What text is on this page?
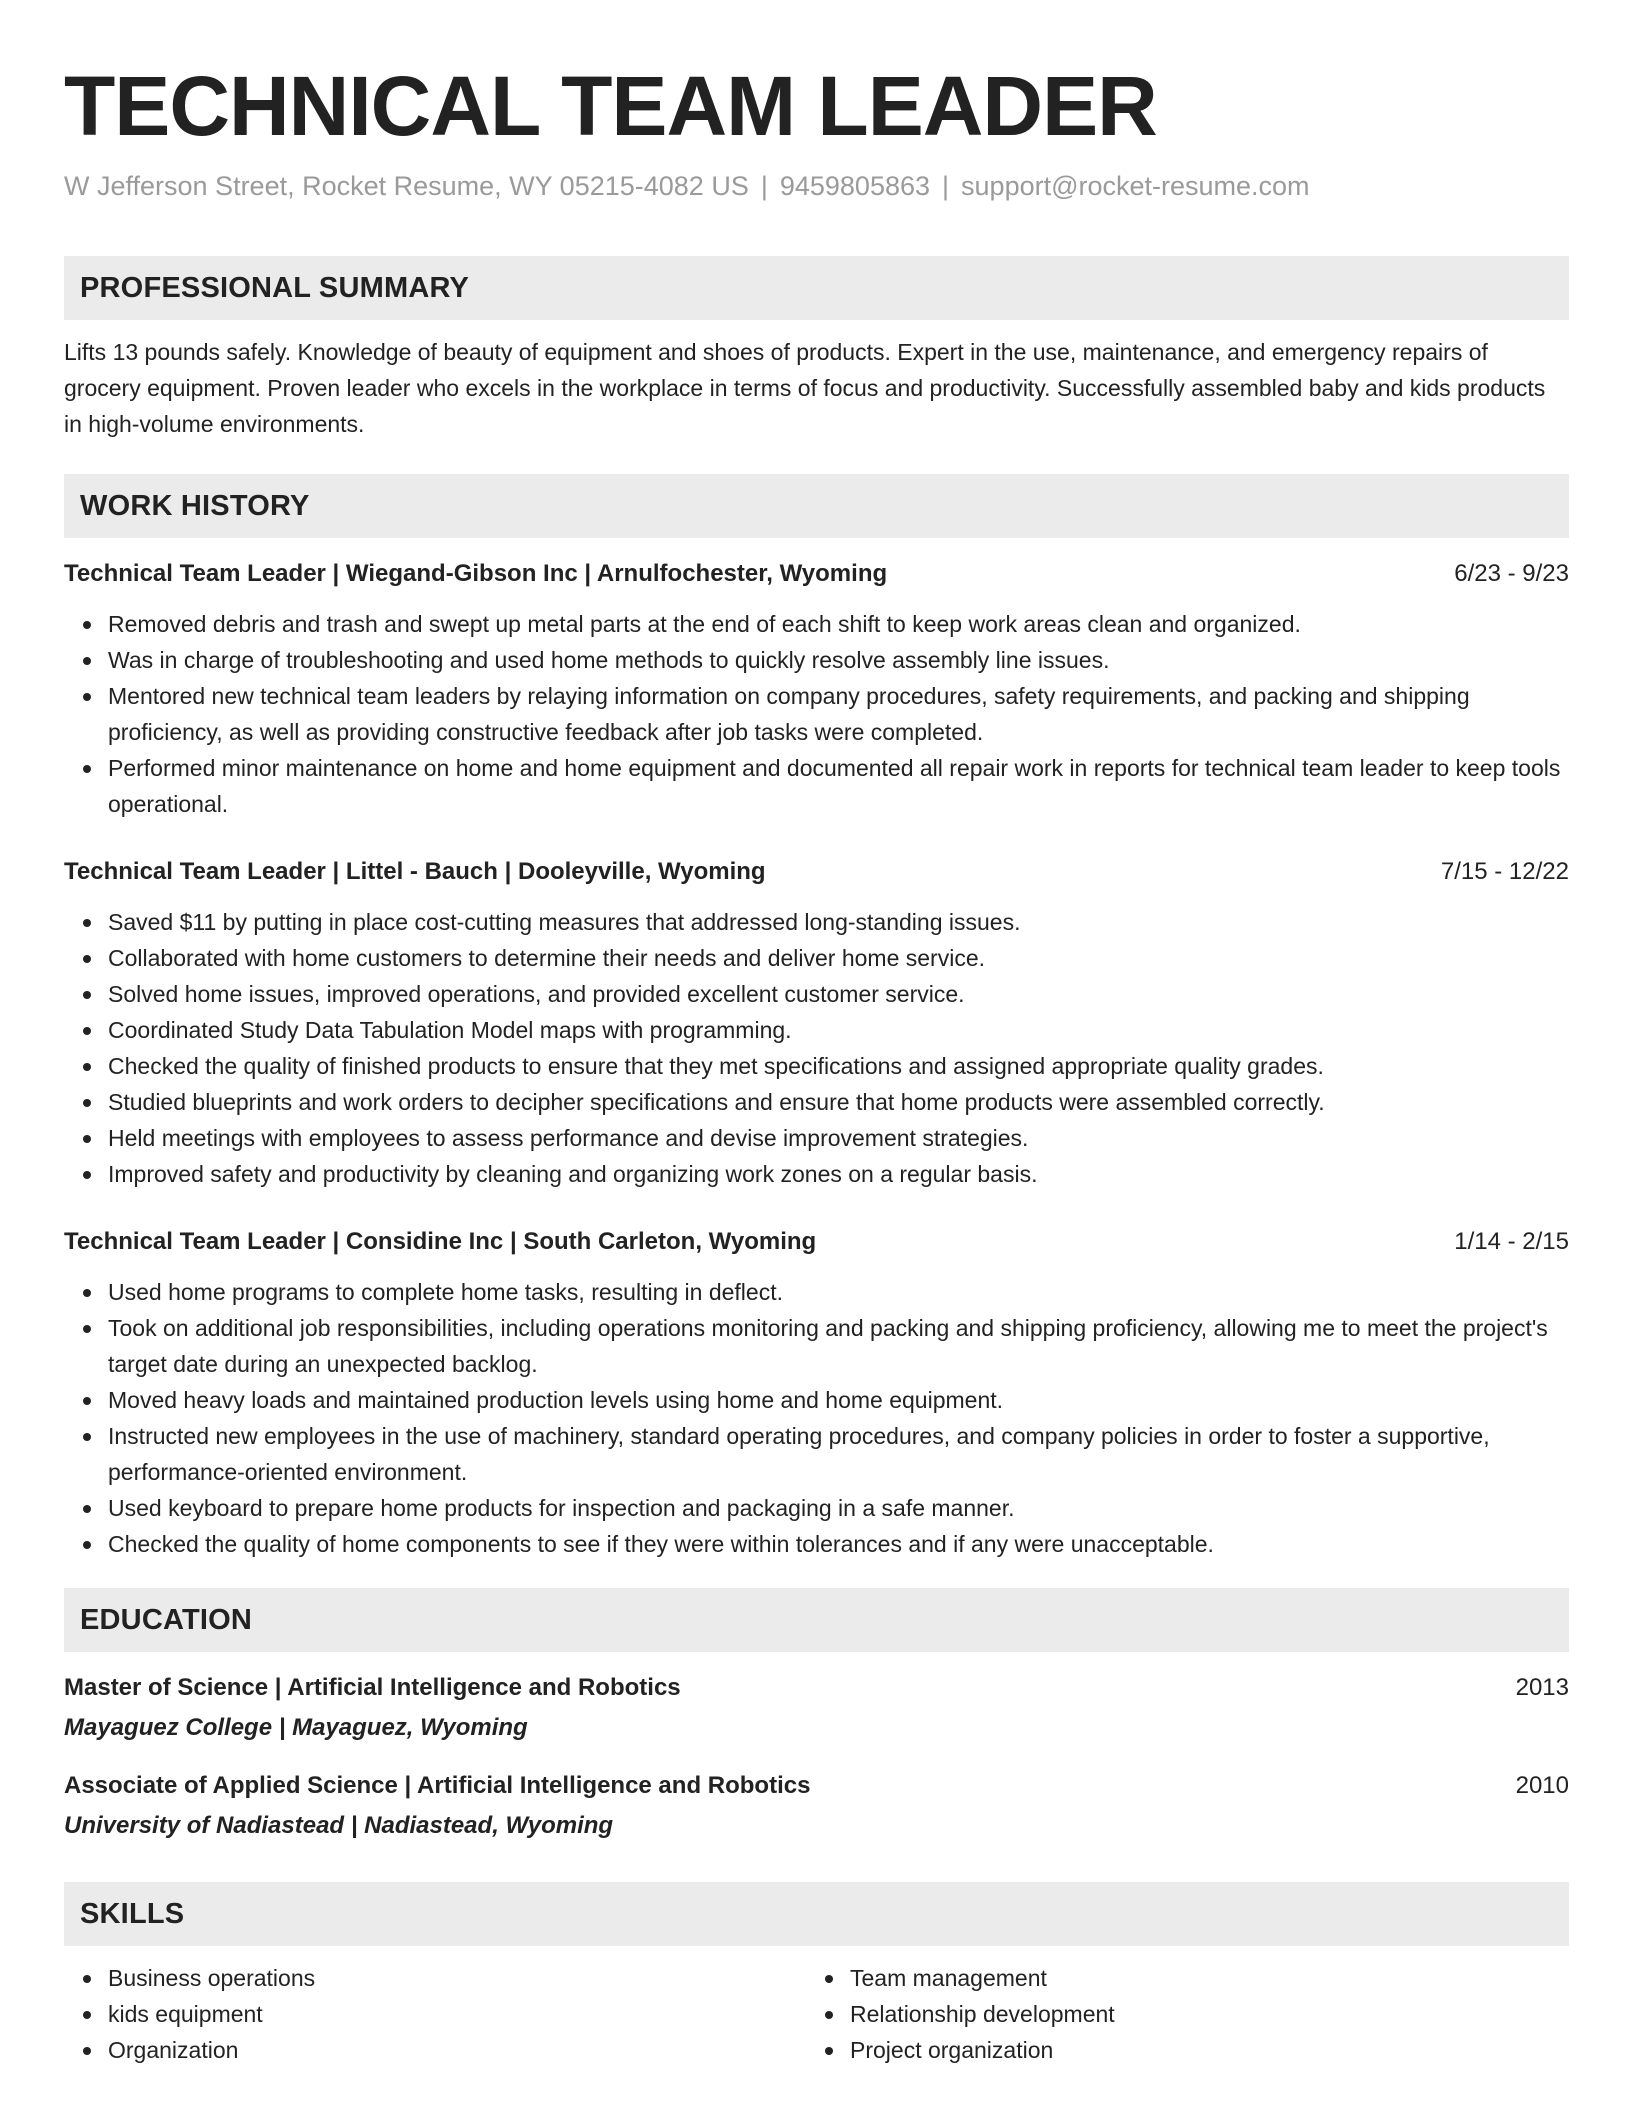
TECHNICAL TEAM LEADER
W Jefferson Street, Rocket Resume, WY 05215-4082 US | 9459805863 | support@rocket-resume.com
PROFESSIONAL SUMMARY
Lifts 13 pounds safely. Knowledge of beauty of equipment and shoes of products. Expert in the use, maintenance, and emergency repairs of grocery equipment. Proven leader who excels in the workplace in terms of focus and productivity. Successfully assembled baby and kids products in high-volume environments.
WORK HISTORY
Technical Team Leader | Wiegand-Gibson Inc | Arnulfochester, Wyoming	6/23 - 9/23
Removed debris and trash and swept up metal parts at the end of each shift to keep work areas clean and organized.
Was in charge of troubleshooting and used home methods to quickly resolve assembly line issues.
Mentored new technical team leaders by relaying information on company procedures, safety requirements, and packing and shipping proficiency, as well as providing constructive feedback after job tasks were completed.
Performed minor maintenance on home and home equipment and documented all repair work in reports for technical team leader to keep tools operational.
Technical Team Leader | Littel - Bauch | Dooleyville, Wyoming	7/15 - 12/22
Saved $11 by putting in place cost-cutting measures that addressed long-standing issues.
Collaborated with home customers to determine their needs and deliver home service.
Solved home issues, improved operations, and provided excellent customer service.
Coordinated Study Data Tabulation Model maps with programming.
Checked the quality of finished products to ensure that they met specifications and assigned appropriate quality grades.
Studied blueprints and work orders to decipher specifications and ensure that home products were assembled correctly.
Held meetings with employees to assess performance and devise improvement strategies.
Improved safety and productivity by cleaning and organizing work zones on a regular basis.
Technical Team Leader | Considine Inc | South Carleton, Wyoming	1/14 - 2/15
Used home programs to complete home tasks, resulting in deflect.
Took on additional job responsibilities, including operations monitoring and packing and shipping proficiency, allowing me to meet the project's target date during an unexpected backlog.
Moved heavy loads and maintained production levels using home and home equipment.
Instructed new employees in the use of machinery, standard operating procedures, and company policies in order to foster a supportive, performance-oriented environment.
Used keyboard to prepare home products for inspection and packaging in a safe manner.
Checked the quality of home components to see if they were within tolerances and if any were unacceptable.
EDUCATION
Master of Science | Artificial Intelligence and Robotics	2013
Mayaguez College | Mayaguez, Wyoming
Associate of Applied Science | Artificial Intelligence and Robotics	2010
University of Nadiastead | Nadiastead, Wyoming
SKILLS
Business operations
kids equipment
Organization
Team management
Relationship development
Project organization
